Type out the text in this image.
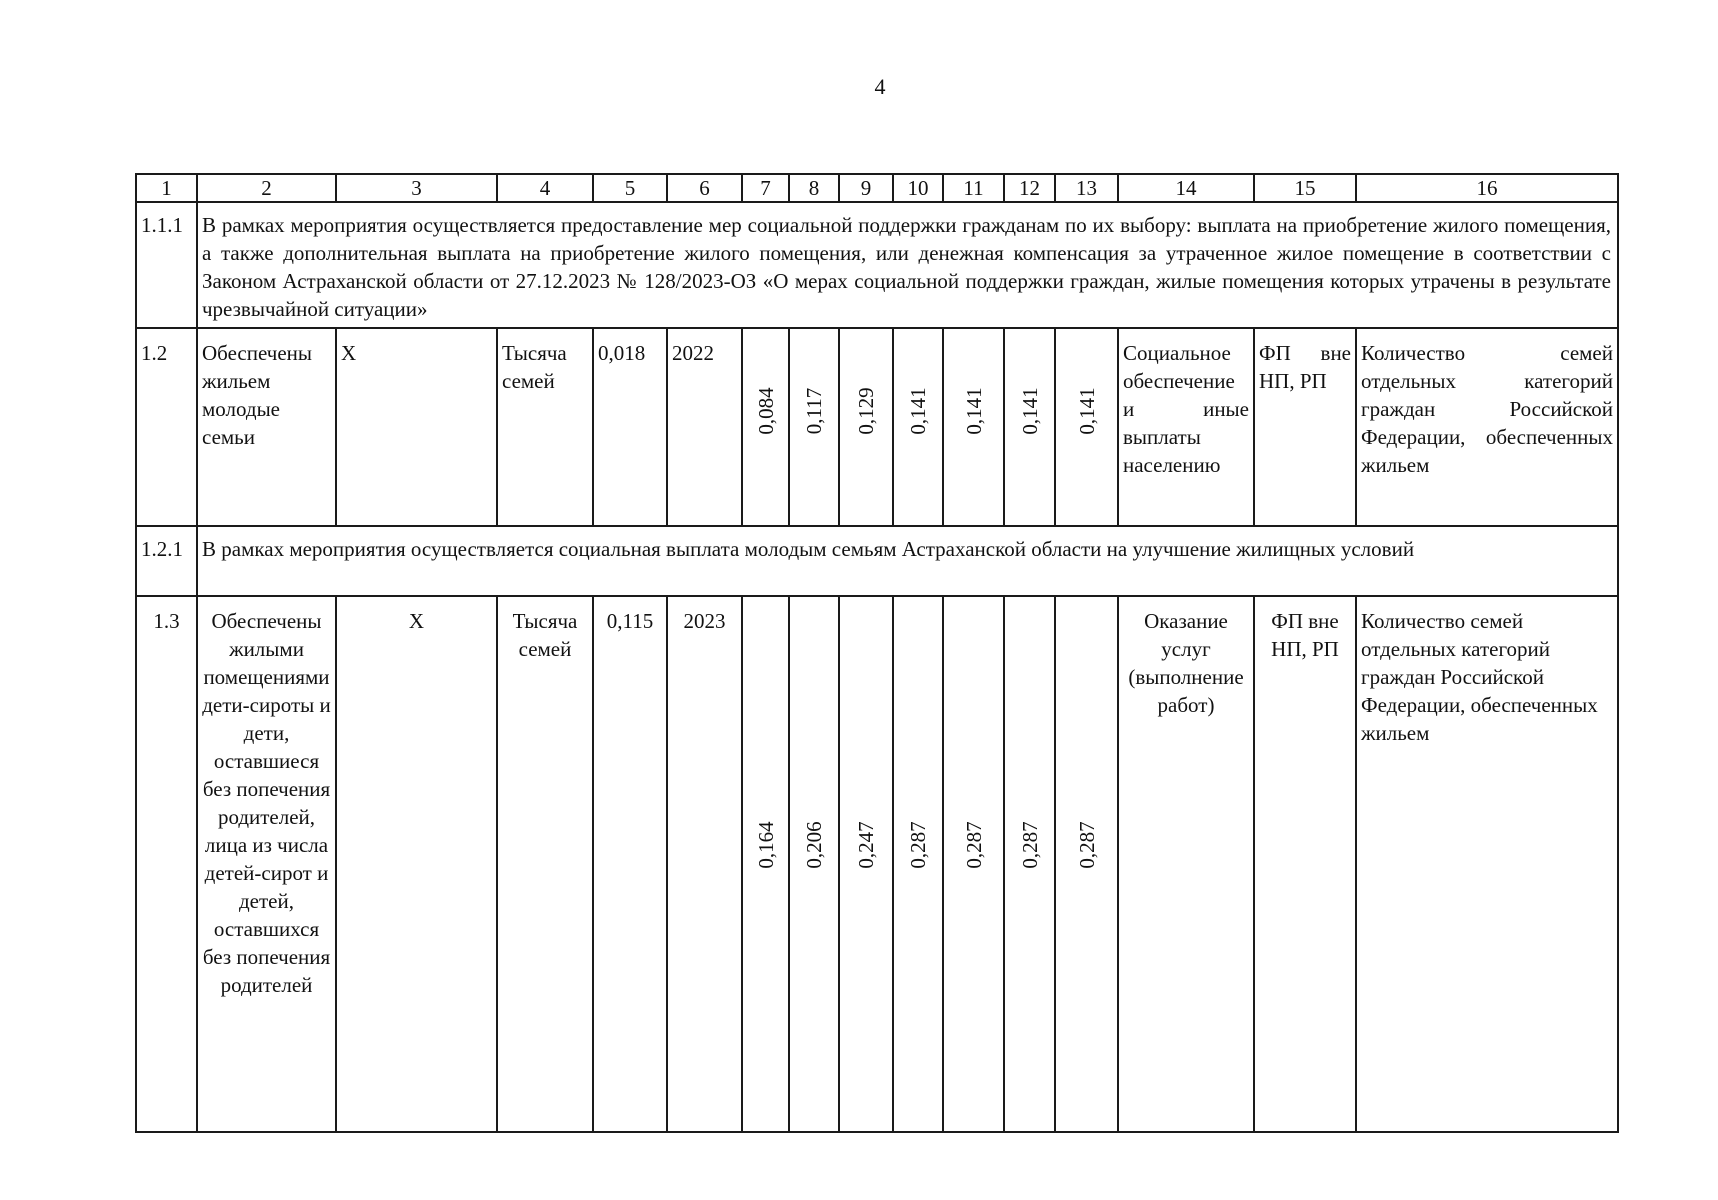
4
1	2	3	4	5	6	7	8	9	10	11	12	13	14	15	16
1.1.1	В рамках мероприятия осуществляется предоставление мер социальной поддержки гражданам по их выбору: выплата на приобретение жилого помещения, а также дополнительная выплата на приобретение жилого помещения, или денежная компенсация за утраченное жилое помещение в соответствии с Законом Астраханской области от 27.12.2023 № 128/2023-ОЗ «О мерах социальной поддержки граждан, жилые помещения которых утрачены в результате чрезвычайной ситуации»														
1.2	Обеспечены жильем молодые семьи	Х	Тысяча семей	0,018	2022	0,084	0,117	0,129	0,141	0,141	0,141	0,141	Социальное обеспечение и иные выплаты населению	ФП вне НП, РП	Количество семей отдельных категорий граждан Российской Федерации, обеспеченных жильем
1.2.1	В рамках мероприятия осуществляется социальная выплата молодым семьям Астраханской области на улучшение жилищных условий														
1.3	Обеспечены жилыми помещениями дети-сироты и дети, оставшиеся без попечения родителей, лица из числа детей-сирот и детей, оставшихся без попечения родителей	Х	Тысяча семей	0,115	2023	0,164	0,206	0,247	0,287	0,287	0,287	0,287	Оказание услуг (выполнение работ)	ФП вне НП, РП	Количество семей отдельных категорий граждан Российской Федерации, обеспеченных жильем
